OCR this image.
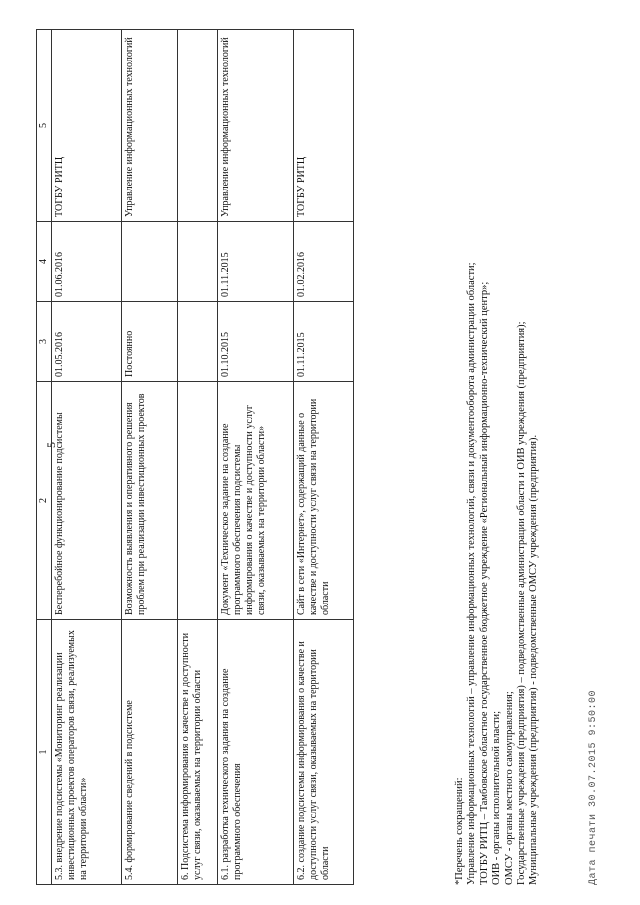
5
1	2	3	4	5
5.3. внедрение подсистемы «Мониторинг реализации инвестиционных проектов операторов связи, реализуемых на территории области»	Бесперебойное функционирование подсистемы	01.05.2016	01.06.2016	ТОГБУ РИТЦ
5.4. формирование сведений в подсистеме	Возможность выявления и оперативного решения проблем при реализации инвестиционных проектов	Постоянно		Управление информационных технологий
6. Подсистема информирования о качестве и доступности услуг связи, оказываемых на территории области				
6.1. разработка технического задания на создание программного обеспечения	Документ «Техническое задание на создание программного обеспечения подсистемы информирования о качестве и доступности услуг связи, оказываемых на территории области»	01.10.2015	01.11.2015	Управление информационных технологий
6.2. создание подсистемы информирования о качестве и доступности услуг связи, оказываемых на территории области	Сайт в сети «Интернет», содержащий данные о качестве и доступности услуг связи на территории области	01.11.2015	01.02.2016	ТОГБУ РИТЦ
*Перечень сокращений: Управление информационных технологий – управление информационных технологий, связи и документооборота администрации области; ТОГБУ РИТЦ – Тамбовское областное государственное бюджетное учреждение «Региональный информационно-технический центр»; ОИВ - органы исполнительной власти; ОМСУ - органы местного самоуправления; Государственные учреждения (предприятия) – подведомственные администрации области и ОИВ учреждения (предприятия); Муниципальные учреждения (предприятия) - подведомственные ОМСУ учреждения (предприятия).	Дата печати 30.07.2015 9:50:00
